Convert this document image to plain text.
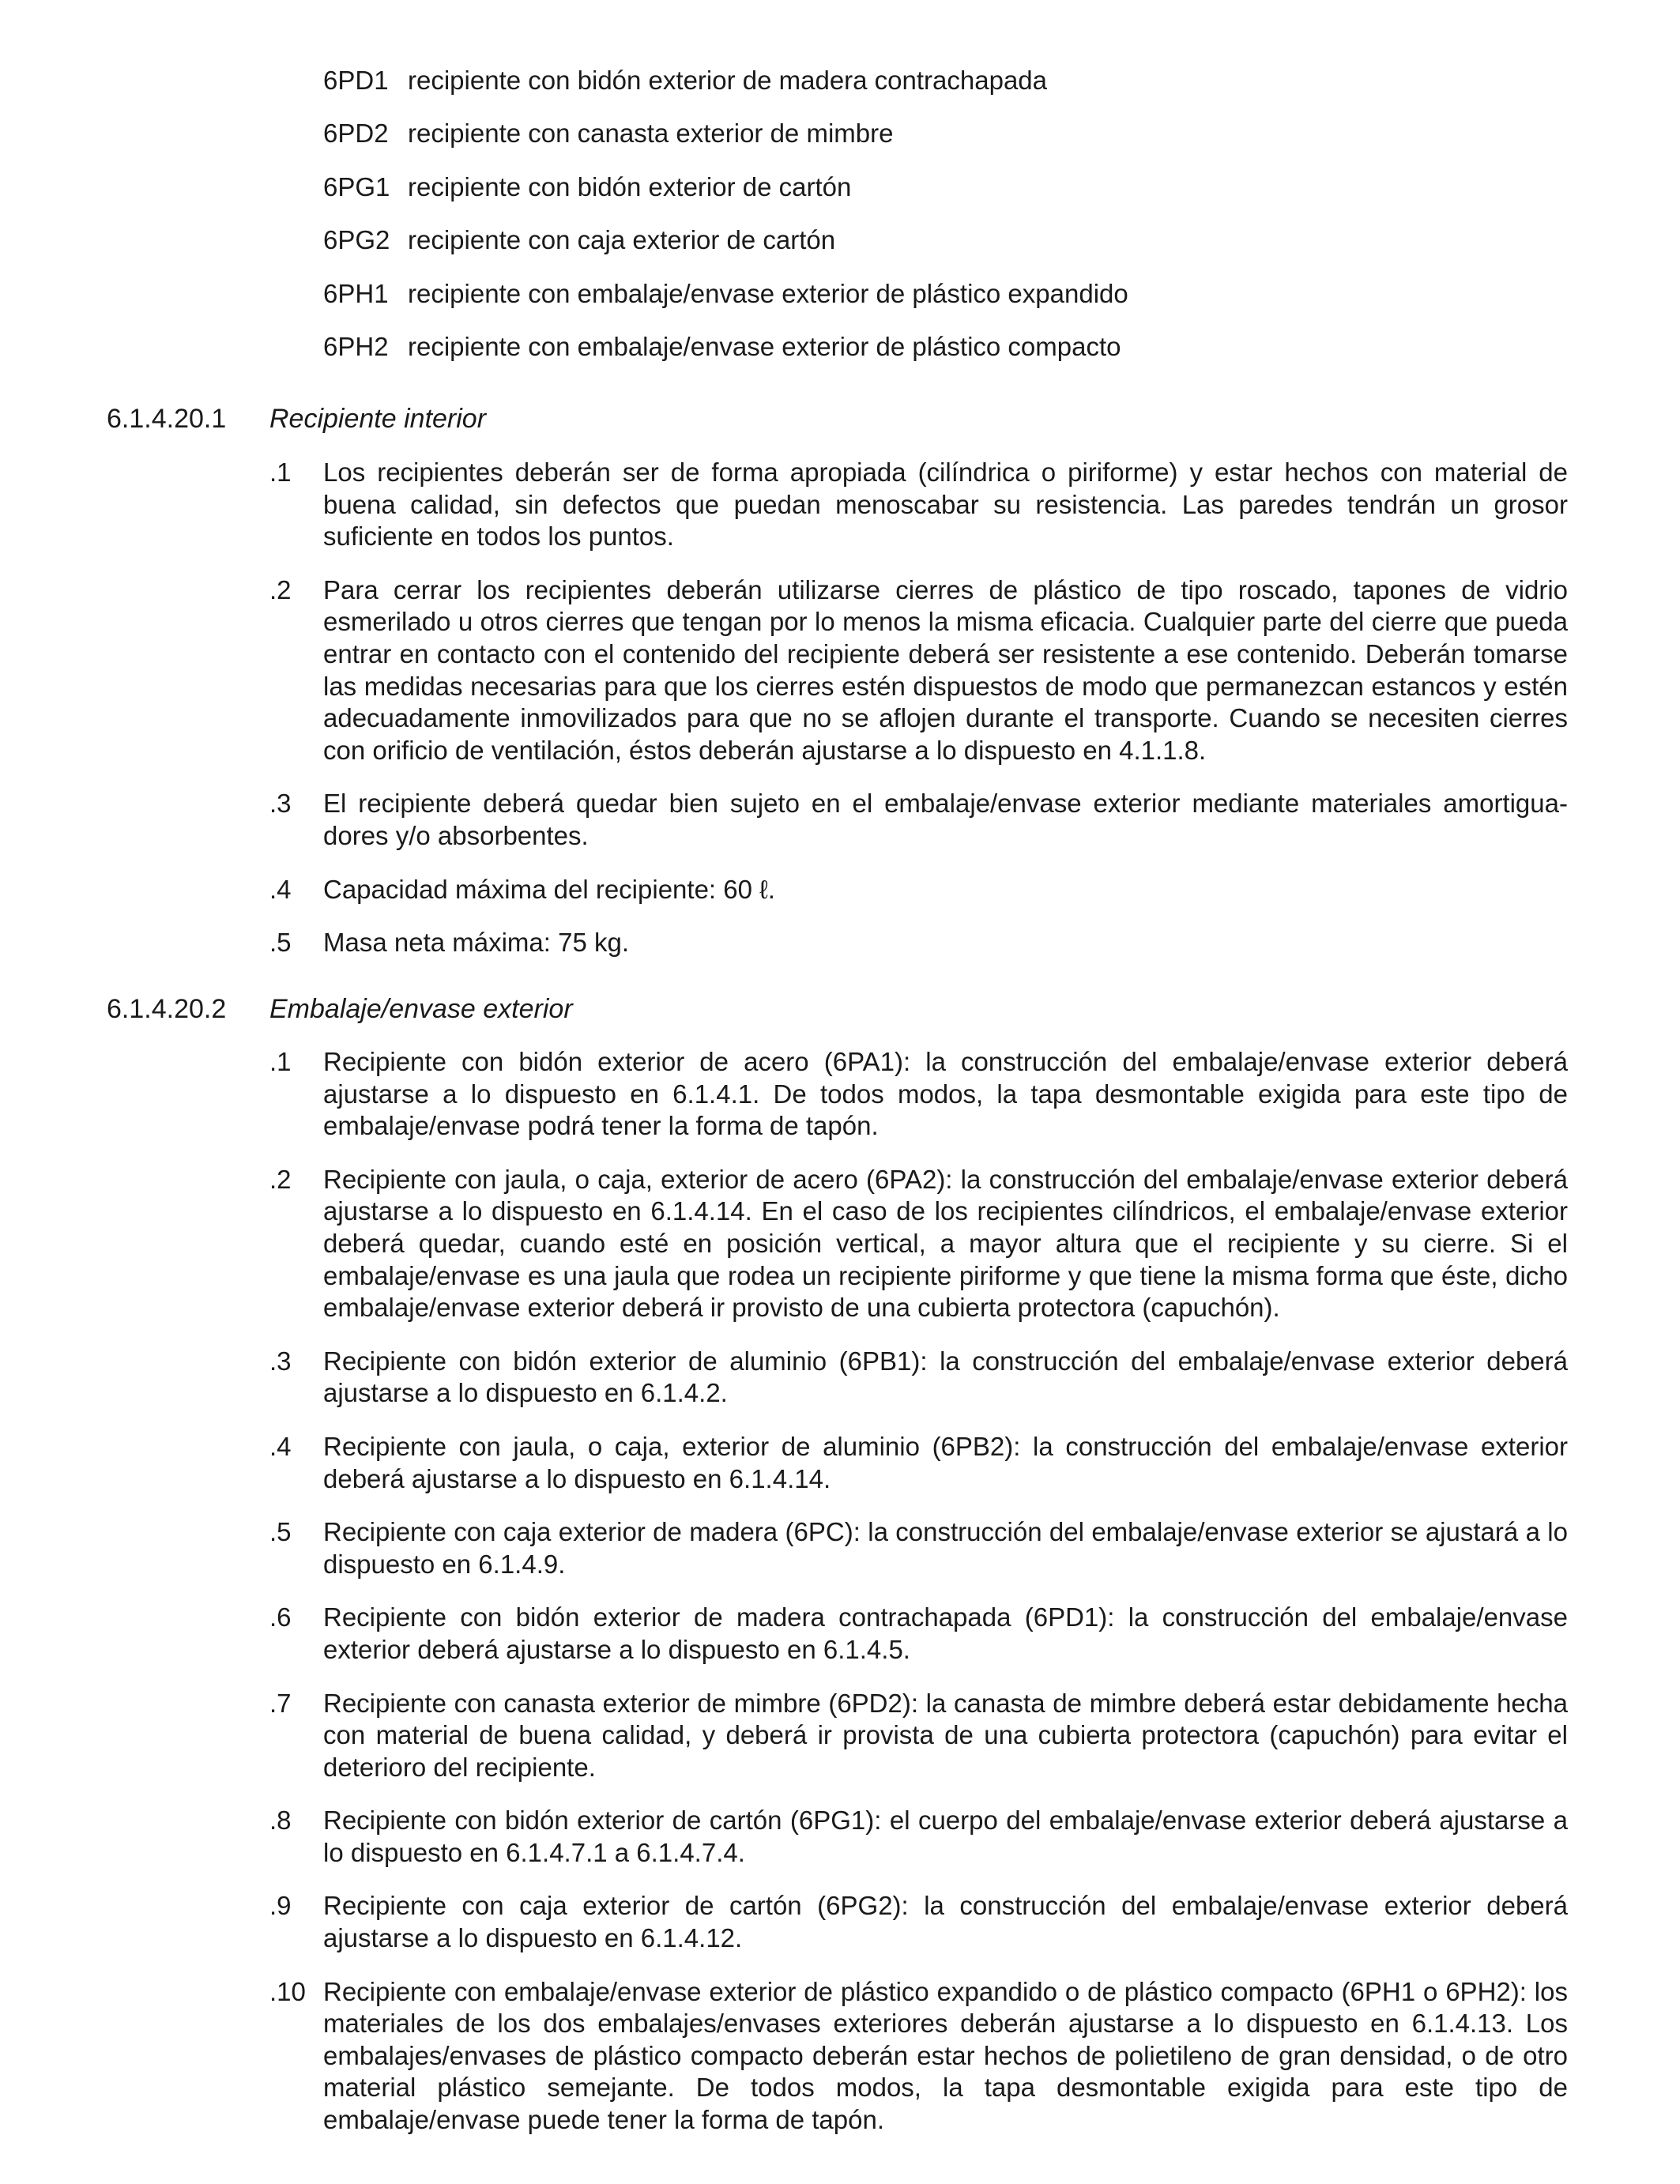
6PD1 recipiente con bidón exterior de madera contrachapada
6PD2 recipiente con canasta exterior de mimbre
6PG1 recipiente con bidón exterior de cartón
6PG2 recipiente con caja exterior de cartón
6PH1 recipiente con embalaje/envase exterior de plástico expandido
6PH2 recipiente con embalaje/envase exterior de plástico compacto
6.1.4.20.1	Recipiente interior
.1	Los recipientes deberán ser de forma apropiada (cilíndrica o piriforme) y estar hechos con material de buena calidad, sin defectos que puedan menoscabar su resistencia. Las paredes tendrán un grosor suficiente en todos los puntos.
.2	Para cerrar los recipientes deberán utilizarse cierres de plástico de tipo roscado, tapones de vidrio esmerilado u otros cierres que tengan por lo menos la misma eficacia. Cualquier parte del cierre que pueda entrar en contacto con el contenido del recipiente deberá ser resistente a ese contenido. Deberán tomarse las medidas necesarias para que los cierres estén dispuestos de modo que permanezcan estancos y estén adecuadamente inmovilizados para que no se aflojen durante el transporte. Cuando se necesiten cierres con orificio de ventilación, éstos deberán ajustarse a lo dispuesto en 4.1.1.8.
.3	El recipiente deberá quedar bien sujeto en el embalaje/envase exterior mediante materiales amortiguadores y/o absorbentes.
.4	Capacidad máxima del recipiente: 60 ℓ.
.5	Masa neta máxima: 75 kg.
6.1.4.20.2	Embalaje/envase exterior
.1	Recipiente con bidón exterior de acero (6PA1): la construcción del embalaje/envase exterior deberá ajustarse a lo dispuesto en 6.1.4.1. De todos modos, la tapa desmontable exigida para este tipo de embalaje/envase podrá tener la forma de tapón.
.2	Recipiente con jaula, o caja, exterior de acero (6PA2): la construcción del embalaje/envase exterior deberá ajustarse a lo dispuesto en 6.1.4.14. En el caso de los recipientes cilíndricos, el embalaje/envase exterior deberá quedar, cuando esté en posición vertical, a mayor altura que el recipiente y su cierre. Si el embalaje/envase es una jaula que rodea un recipiente piriforme y que tiene la misma forma que éste, dicho embalaje/envase exterior deberá ir provisto de una cubierta protectora (capuchón).
.3	Recipiente con bidón exterior de aluminio (6PB1): la construcción del embalaje/envase exterior deberá ajustarse a lo dispuesto en 6.1.4.2.
.4	Recipiente con jaula, o caja, exterior de aluminio (6PB2): la construcción del embalaje/envase exterior deberá ajustarse a lo dispuesto en 6.1.4.14.
.5	Recipiente con caja exterior de madera (6PC): la construcción del embalaje/envase exterior se ajustará a lo dispuesto en 6.1.4.9.
.6	Recipiente con bidón exterior de madera contrachapada (6PD1): la construcción del embalaje/envase exterior deberá ajustarse a lo dispuesto en 6.1.4.5.
.7	Recipiente con canasta exterior de mimbre (6PD2): la canasta de mimbre deberá estar debidamente hecha con material de buena calidad, y deberá ir provista de una cubierta protectora (capuchón) para evitar el deterioro del recipiente.
.8	Recipiente con bidón exterior de cartón (6PG1): el cuerpo del embalaje/envase exterior deberá ajustarse a lo dispuesto en 6.1.4.7.1 a 6.1.4.7.4.
.9	Recipiente con caja exterior de cartón (6PG2): la construcción del embalaje/envase exterior deberá ajustarse a lo dispuesto en 6.1.4.12.
.10 Recipiente con embalaje/envase exterior de plástico expandido o de plástico compacto (6PH1 o 6PH2): los materiales de los dos embalajes/envases exteriores deberán ajustarse a lo dispuesto en 6.1.4.13. Los embalajes/envases de plástico compacto deberán estar hechos de polietileno de gran densidad, o de otro material plástico semejante. De todos modos, la tapa desmontable exigida para este tipo de embalaje/envase puede tener la forma de tapón.
